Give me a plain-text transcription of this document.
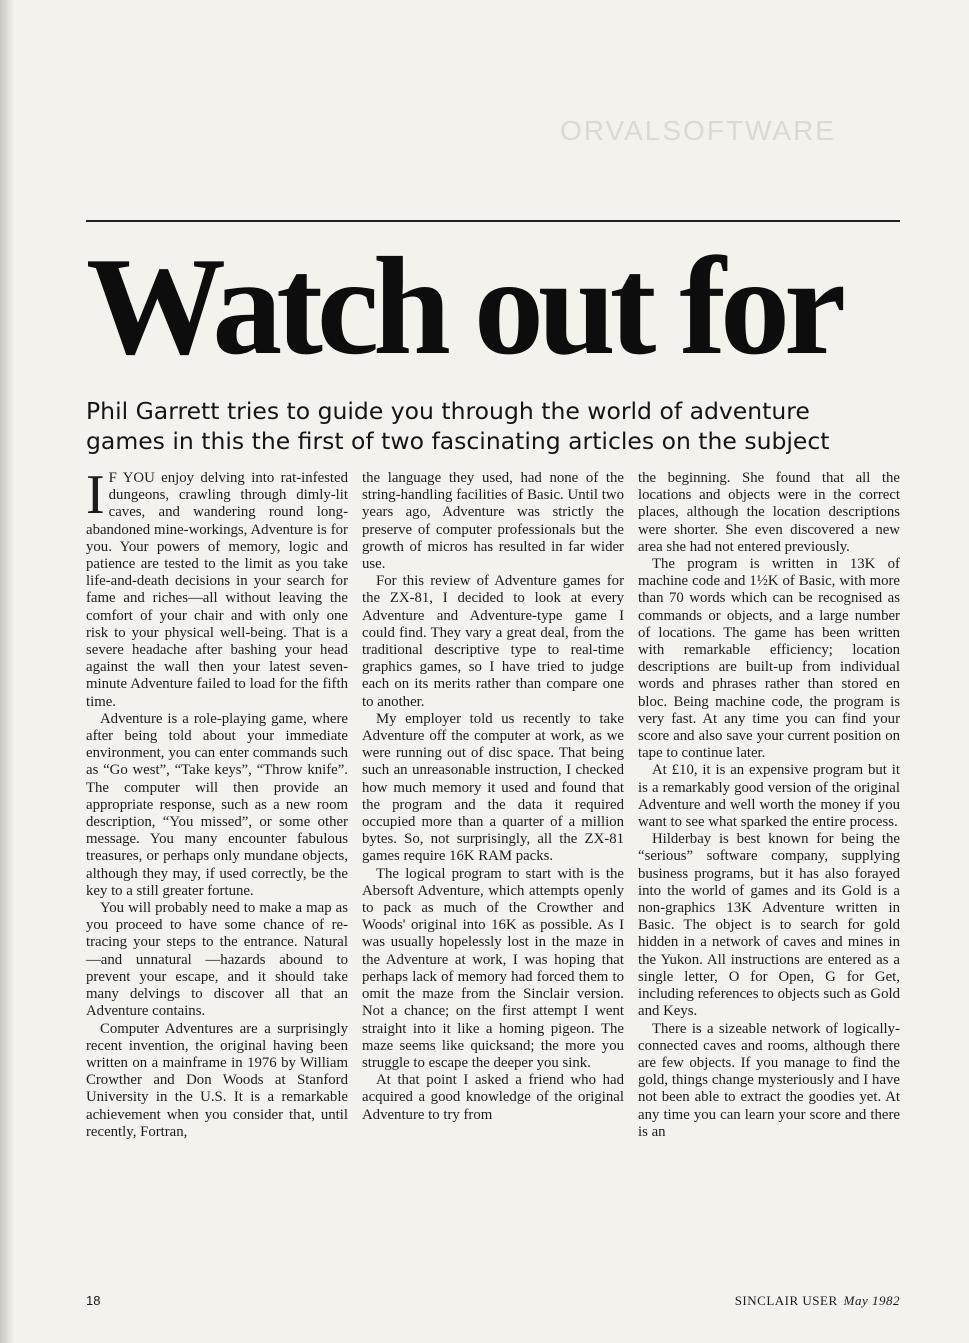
ORVALSOFTWARE
Watch out for
Phil Garrett tries to guide you through the world of adventure
games in this the first of two fascinating articles on the subject

I F YOU enjoy delving into rat-infested dungeons, crawling through dimly-lit caves, and wandering round long-abandoned mine-workings, Adventure is for you. Your powers of memory, logic and patience are tested to the limit as you take life-and-death decisions in your search for fame and riches—all without leaving the comfort of your chair and with only one risk to your physical well-being. That is a severe headache after bashing your head against the wall then your latest seven-minute Adventure failed to load for the fifth time.

Adventure is a role-playing game, where after being told about your immediate environment, you can enter commands such as “Go west”, “Take keys”, “Throw knife”. The computer will then provide an appropriate response, such as a new room description, “You missed”, or some other message. You many encounter fabulous treasures, or perhaps only mundane objects, although they may, if used correctly, be the key to a still greater fortune.

You will probably need to make a map as you proceed to have some chance of re-tracing your steps to the entrance. Natural—and unnatural —hazards abound to prevent your escape, and it should take many delvings to discover all that an Adventure contains.

Computer Adventures are a surprisingly recent invention, the original having been written on a mainframe in 1976 by William Crowther and Don Woods at Stanford University in the U.S. It is a remarkable achievement when you consider that, until recently, Fortran,

the language they used, had none of the string-handling facilities of Basic. Until two years ago, Adventure was strictly the preserve of computer professionals but the growth of micros has resulted in far wider use.

For this review of Adventure games for the ZX-81, I decided to look at every Adventure and Adventure-type game I could find. They vary a great deal, from the traditional descriptive type to real-time graphics games, so I have tried to judge each on its merits rather than compare one to another.

My employer told us recently to take Adventure off the computer at work, as we were running out of disc space. That being such an unreasonable instruction, I checked how much memory it used and found that the program and the data it required occupied more than a quarter of a million bytes. So, not surprisingly, all the ZX-81 games require 16K RAM packs.

The logical program to start with is the Abersoft Adventure, which attempts openly to pack as much of the Crowther and Woods' original into 16K as possible. As I was usually hopelessly lost in the maze in the Adventure at work, I was hoping that perhaps lack of memory had forced them to omit the maze from the Sinclair version. Not a chance; on the first attempt I went straight into it like a homing pigeon. The maze seems like quicksand; the more you struggle to escape the deeper you sink.

At that point I asked a friend who had acquired a good knowledge of the original Adventure to try from

the beginning. She found that all the locations and objects were in the correct places, although the location descriptions were shorter. She even discovered a new area she had not entered previously.

The program is written in 13K of machine code and 1½K of Basic, with more than 70 words which can be recognised as commands or objects, and a large number of locations. The game has been written with remarkable efficiency; location descriptions are built-up from individual words and phrases rather than stored en bloc. Being machine code, the program is very fast. At any time you can find your score and also save your current position on tape to continue later.

At £10, it is an expensive program but it is a remarkably good version of the original Adventure and well worth the money if you want to see what sparked the entire process.

Hilderbay is best known for being the “serious” software company, supplying business programs, but it has also forayed into the world of games and its Gold is a non-graphics 13K Adventure written in Basic. The object is to search for gold hidden in a network of caves and mines in the Yukon. All instructions are entered as a single letter, O for Open, G for Get, including references to objects such as Gold and Keys.

There is a sizeable network of logically-connected caves and rooms, although there are few objects. If you manage to find the gold, things change mysteriously and I have not been able to extract the goodies yet. At any time you can learn your score and there is an

18	SINCLAIR USER May 1982
